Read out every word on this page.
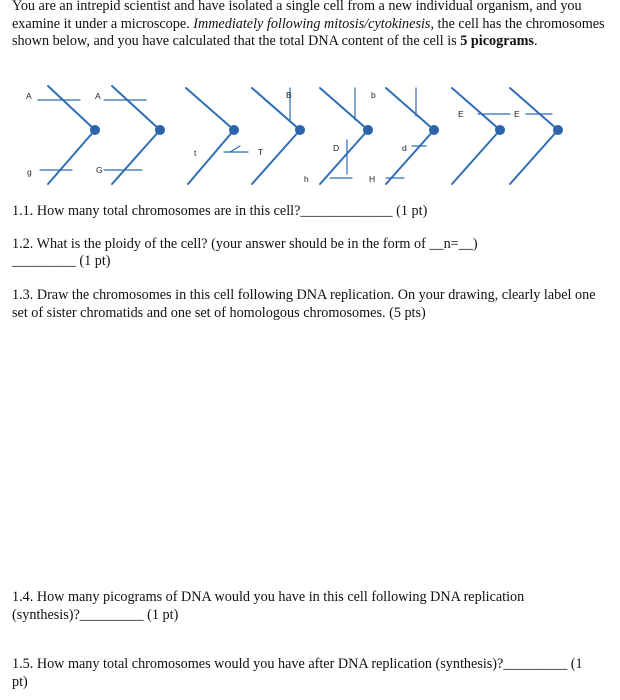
You are an intrepid scientist and have isolated a single cell from a new individual organism, and you examine it under a microscope. Immediately following mitosis/cytokinesis, the cell has the chromosomes shown below, and you have calculated that the total DNA content of the cell is 5 picograms.
A	A
g	G
B	b
t	T
h	H
D	d
E	E
1.1. How many total chromosomes are in this cell?_____________ (1 pt)
1.2. What is the ploidy of the cell? (your answer should be in the form of __n=__)
_________ (1 pt)
1.3. Draw the chromosomes in this cell following DNA replication. On your drawing, clearly label one set of sister chromatids and one set of homologous chromosomes. (5 pts)
1.4. How many picograms of DNA would you have in this cell following DNA replication (synthesis)?_________ (1 pt)
1.5. How many total chromosomes would you have after DNA replication (synthesis)?_________ (1 pt)
